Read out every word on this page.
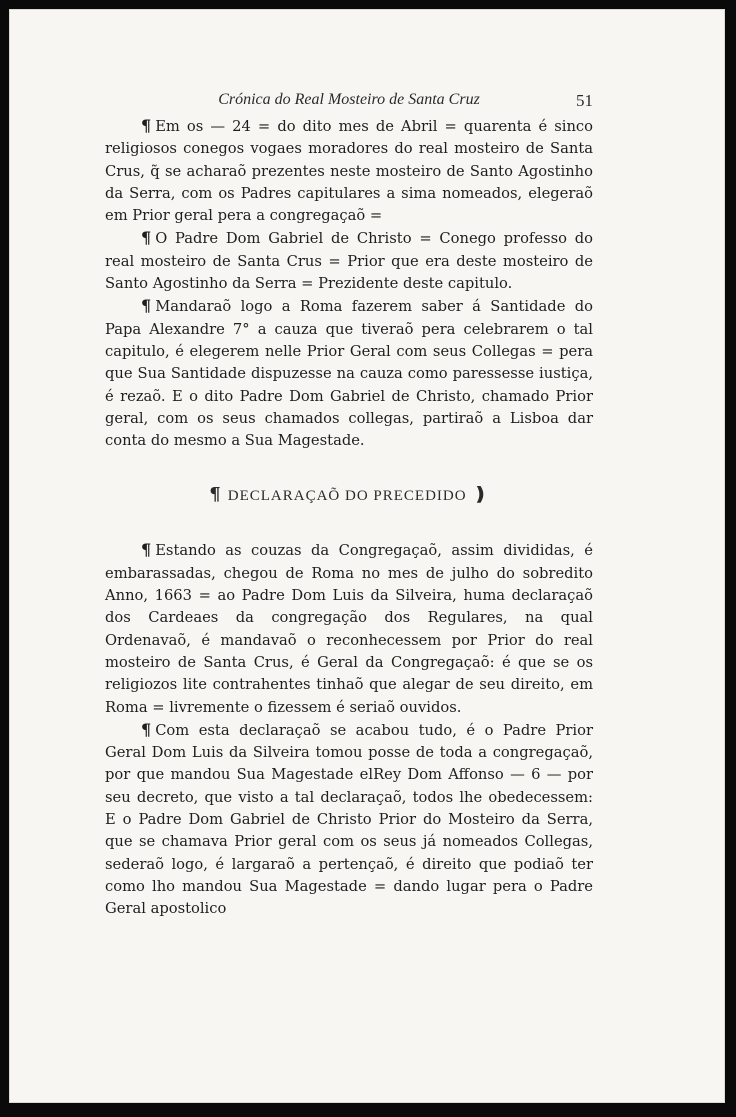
Crónica do Real Mosteiro de Santa Cruz	51

¶ Em os — 24 = do dito mes de Abril = quarenta é sinco religiosos conegos vogaes moradores do real mosteiro de Santa Crus, q̃ se acharaõ prezentes neste mosteiro de Santo Agostinho da Serra, com os Padres capitulares a sima nomeados, elegeraõ em Prior geral pera a congregaçaõ =

¶ O Padre Dom Gabriel de Christo = Conego professo do real mosteiro de Santa Crus = Prior que era deste mosteiro de Santo Agostinho da Serra = Prezidente deste capitulo.

¶ Mandaraõ logo a Roma fazerem saber á Santidade do Papa Alexandre 7° a cauza que tiveraõ pera celebrarem o tal capitulo, é elegerem nelle Prior Geral com seus Collegas = pera que Sua Santidade dispuzesse na cauza como paressesse iustiça, é rezaõ. E o dito Padre Dom Gabriel de Christo, chamado Prior geral, com os seus chamados collegas, partiraõ a Lisboa dar conta do mesmo a Sua Magestade.

¶ DECLARAÇAÕ DO PRECEDIDO ❫

¶ Estando as couzas da Congregaçaõ, assim divididas, é embarassadas, chegou de Roma no mes de julho do sobredito Anno, 1663 = ao Padre Dom Luis da Silveira, huma declaraçaõ dos Cardeaes da congregação dos Regulares, na qual Ordenavaõ, é mandavaõ o reconhecessem por Prior do real mosteiro de Santa Crus, é Geral da Congregaçaõ: é que se os religiozos lite contrahentes tinhaõ que alegar de seu direito, em Roma = livremente o fizessem é seriaõ ouvidos.

¶ Com esta declaraçaõ se acabou tudo, é o Padre Prior Geral Dom Luis da Silveira tomou posse de toda a congregaçaõ, por que mandou Sua Magestade elRey Dom Affonso — 6 — por seu decreto, que visto a tal declaraçaõ, todos lhe obedecessem: E o Padre Dom Gabriel de Christo Prior do Mosteiro da Serra, que se chamava Prior geral com os seus já nomeados Collegas, sederaõ logo, é largaraõ a pertençaõ, é direito que podiaõ ter como lho mandou Sua Magestade = dando lugar pera o Padre Geral apostolico
